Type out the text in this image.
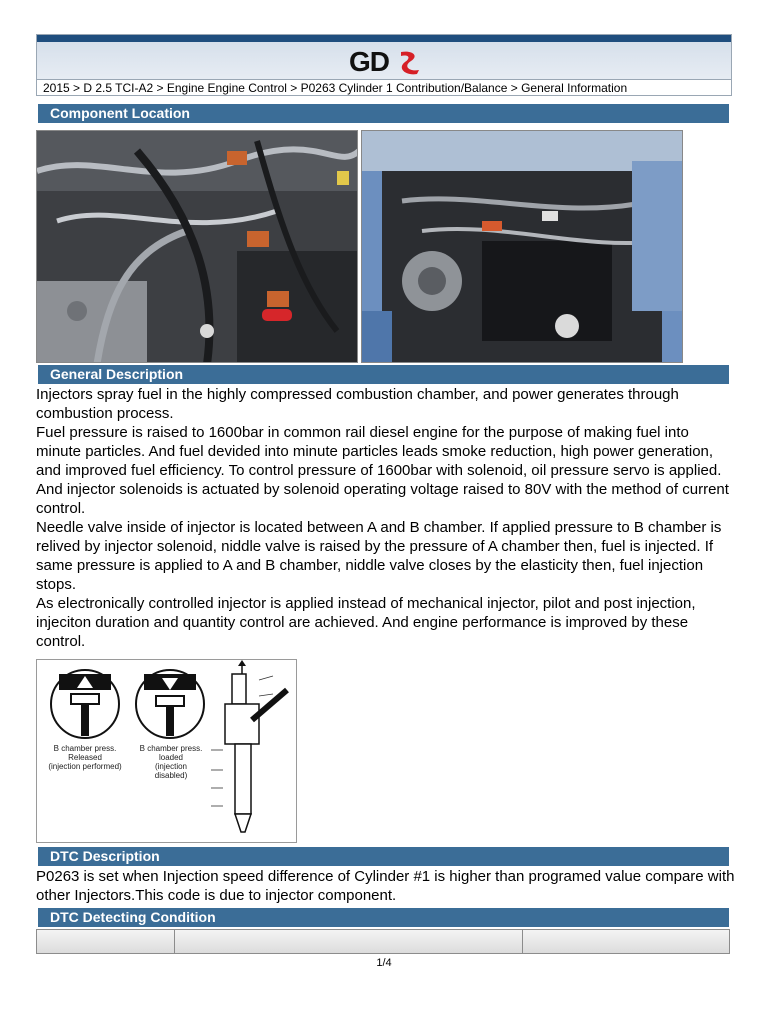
GD
2015 > D 2.5 TCI-A2 > Engine Engine Control > P0263 Cylinder 1 Contribution/Balance > General Information
Component Location
General Description

Injectors spray fuel in the highly compressed combustion chamber, and power generates through combustion process.

Fuel pressure is raised to 1600bar in common rail diesel engine for the purpose of making fuel into minute particles. And fuel devided into minute particles leads smoke reduction, high power generation, and improved fuel efficiency. To control pressure of 1600bar with solenoid, oil pressure servo is applied. And injector solenoids is actuated by solenoid operating voltage raised to 80V with the method of current control.

Needle valve inside of injector is located between A and B chamber. If applied pressure to B chamber is relived by injector solenoid, niddle valve is raised by the pressure of A chamber then, fuel is injected. If same pressure is applied to A and B chamber, niddle valve closes by the elasticity then, fuel injection stops.

As electronically controlled injector is applied instead of mechanical injector, pilot and post injection, injeciton duration and quantity control are achieved. And engine performance is improved by these control.

B chamber press.
Released
(injection performed)
B chamber press.
loaded
(injection
disabled)
DTC Description
P0263 is set when Injection speed difference of Cylinder #1 is higher than programed value compare with other Injectors.This code is due to injector component.
DTC Detecting Condition
1/4
